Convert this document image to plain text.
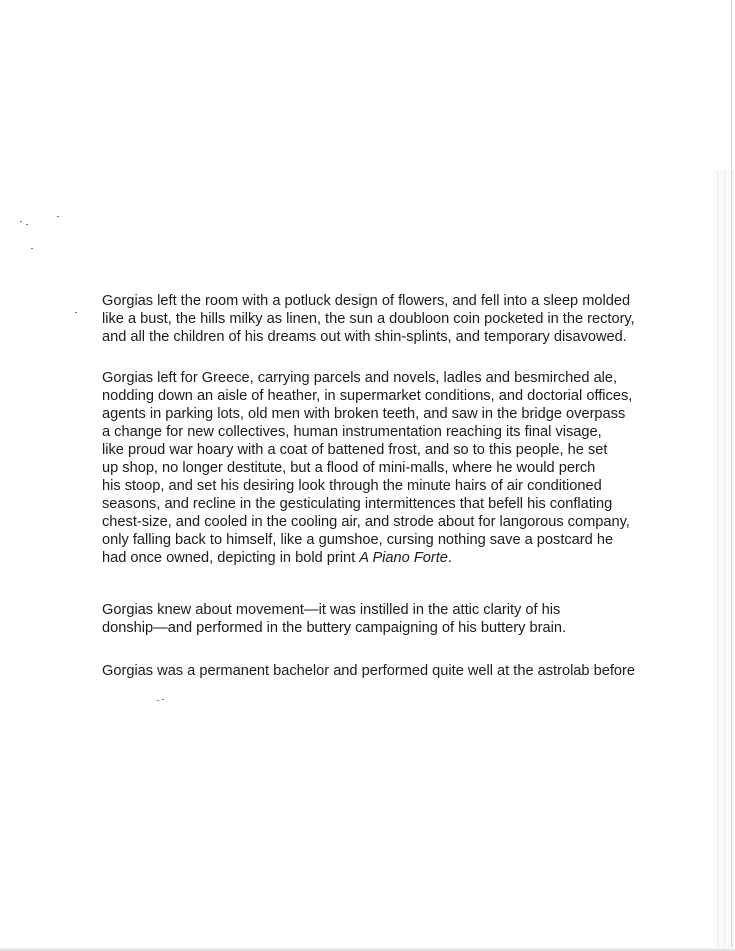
Gorgias left the room with a potluck design of flowers, and fell into a sleep molded
like a bust, the hills milky as linen, the sun a doubloon coin pocketed in the rectory,
and all the children of his dreams out with shin-splints, and temporary disavowed.
Gorgias left for Greece, carrying parcels and novels, ladles and besmirched ale,
nodding down an aisle of heather, in supermarket conditions, and doctorial offices,
agents in parking lots, old men with broken teeth, and saw in the bridge overpass
a change for new collectives, human instrumentation reaching its final visage,
like proud war hoary with a coat of battened frost, and so to this people, he set
up shop, no longer destitute, but a flood of mini-malls, where he would perch
his stoop, and set his desiring look through the minute hairs of air conditioned
seasons, and recline in the gesticulating intermittences that befell his conflating
chest-size, and cooled in the cooling air, and strode about for langorous company,
only falling back to himself, like a gumshoe, cursing nothing save a postcard he
had once owned, depicting in bold print A Piano Forte.
Gorgias knew about movement—it was instilled in the attic clarity of his
donship—and performed in the buttery campaigning of his buttery brain.
Gorgias was a permanent bachelor and performed quite well at the astrolab before
